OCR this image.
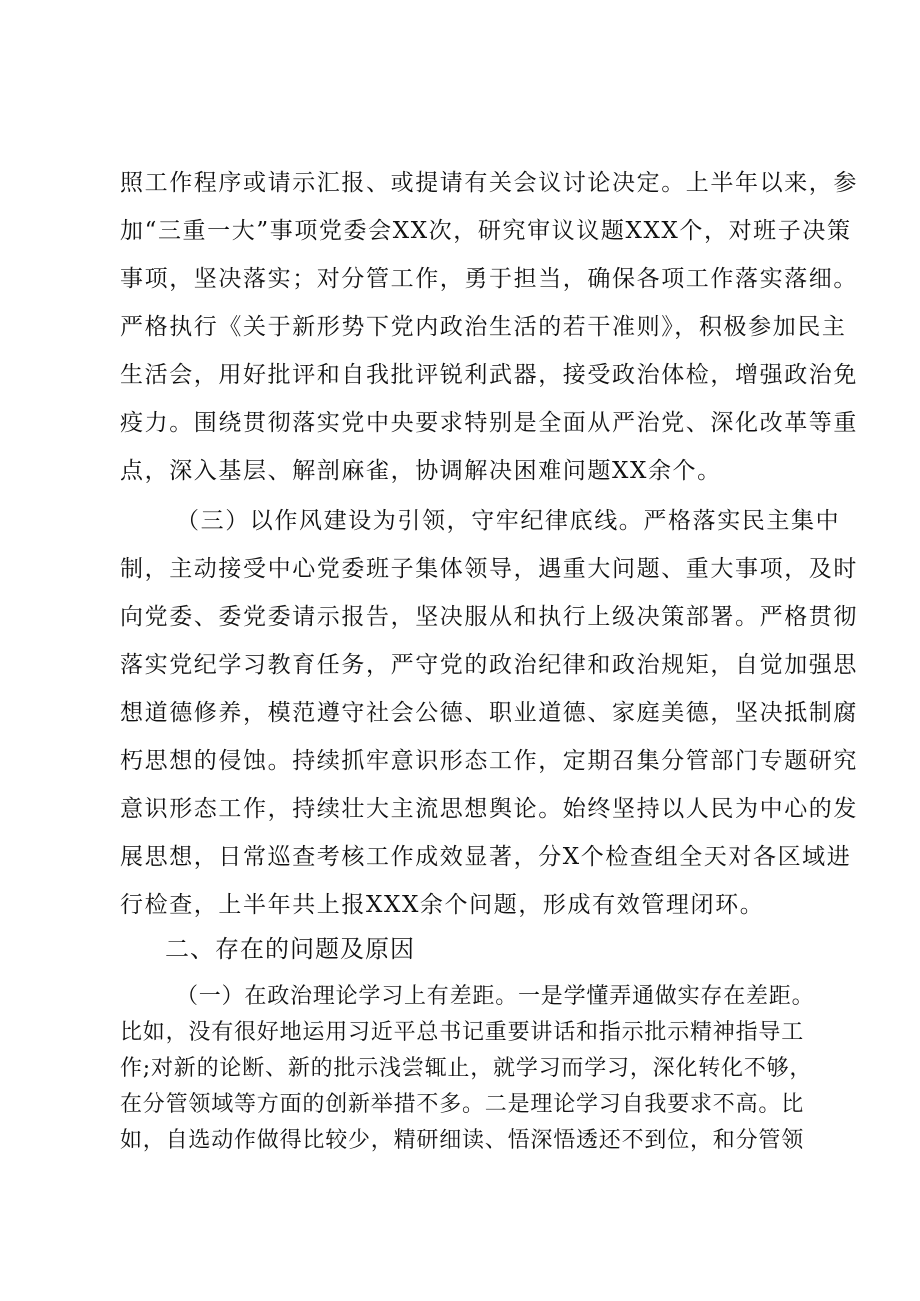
照工作程序或请示汇报、或提请有关会议讨论决定。上半年以来，参
加“三重一大”事项党委会XX次，研究审议议题XXX个，对班子决策
事项，坚决落实；对分管工作，勇于担当，确保各项工作落实落细。
严格执行《关于新形势下党内政治生活的若干准则》，积极参加民主
生活会，用好批评和自我批评锐利武器，接受政治体检，增强政治免
疫力。围绕贯彻落实党中央要求特别是全面从严治党、深化改革等重
点，深入基层、解剖麻雀，协调解决困难问题XX余个。
（三）以作风建设为引领，守牢纪律底线。严格落实民主集中
制，主动接受中心党委班子集体领导，遇重大问题、重大事项，及时
向党委、委党委请示报告，坚决服从和执行上级决策部署。严格贯彻
落实党纪学习教育任务，严守党的政治纪律和政治规矩，自觉加强思
想道德修养，模范遵守社会公德、职业道德、家庭美德，坚决抵制腐
朽思想的侵蚀。持续抓牢意识形态工作，定期召集分管部门专题研究
意识形态工作，持续壮大主流思想舆论。始终坚持以人民为中心的发
展思想，日常巡查考核工作成效显著，分X个检查组全天对各区域进
行检查，上半年共上报XXX余个问题，形成有效管理闭环。
二、存在的问题及原因
（一）在政治理论学习上有差距。一是学懂弄通做实存在差距。
比如，没有很好地运用习近平总书记重要讲话和指示批示精神指导工
作;对新的论断、新的批示浅尝辄止，就学习而学习，深化转化不够，
在分管领域等方面的创新举措不多。二是理论学习自我要求不高。比
如，自选动作做得比较少，精研细读、悟深悟透还不到位，和分管领
